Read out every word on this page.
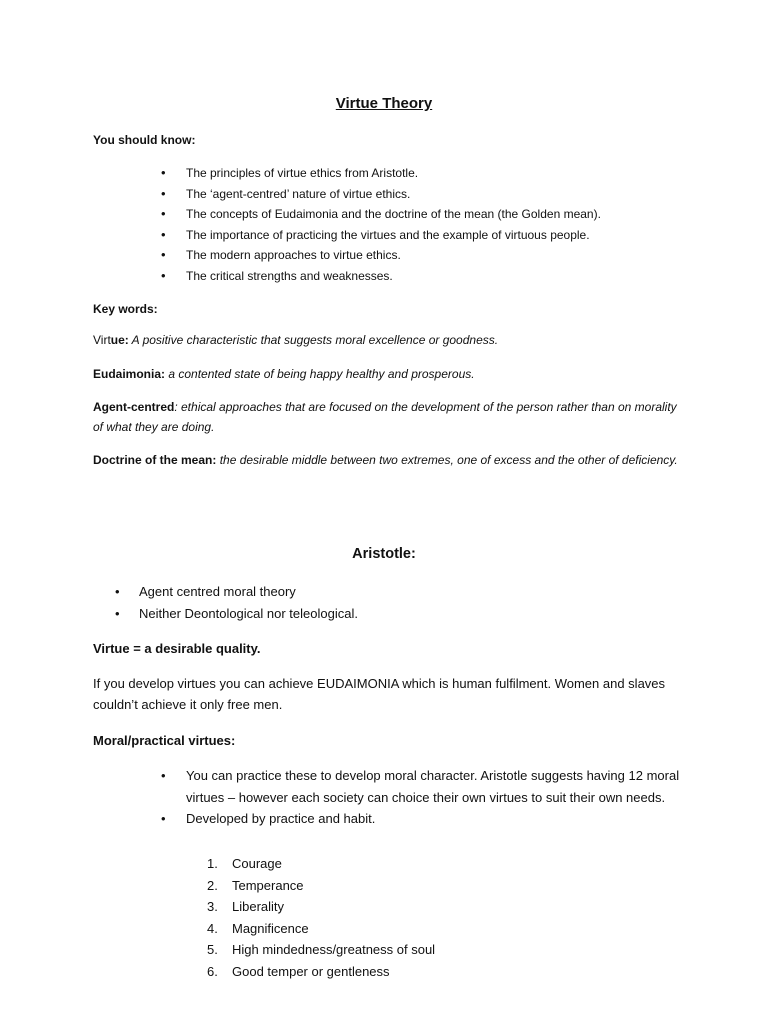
Virtue Theory
You should know:
• The principles of virtue ethics from Aristotle.
• The ‘agent-centred’ nature of virtue ethics.
• The concepts of Eudaimonia and the doctrine of the mean (the Golden mean).
• The importance of practicing the virtues and the example of virtuous people.
• The modern approaches to virtue ethics.
• The critical strengths and weaknesses.
Key words:
Virtue: A positive characteristic that suggests moral excellence or goodness.
Eudaimonia: a contented state of being happy healthy and prosperous.
Agent-centred: ethical approaches that are focused on the development of the person rather than on morality of what they are doing.
Doctrine of the mean: the desirable middle between two extremes, one of excess and the other of deficiency.
Aristotle:
• Agent centred moral theory
• Neither Deontological nor teleological.
Virtue = a desirable quality.
If you develop virtues you can achieve EUDAIMONIA which is human fulfilment. Women and slaves couldn’t achieve it only free men.
Moral/practical virtues:
• You can practice these to develop moral character. Aristotle suggests having 12 moral virtues – however each society can choice their own virtues to suit their own needs.
• Developed by practice and habit.
1. Courage
2. Temperance
3. Liberality
4. Magnificence
5. High mindedness/greatness of soul
6. Good temper or gentleness
